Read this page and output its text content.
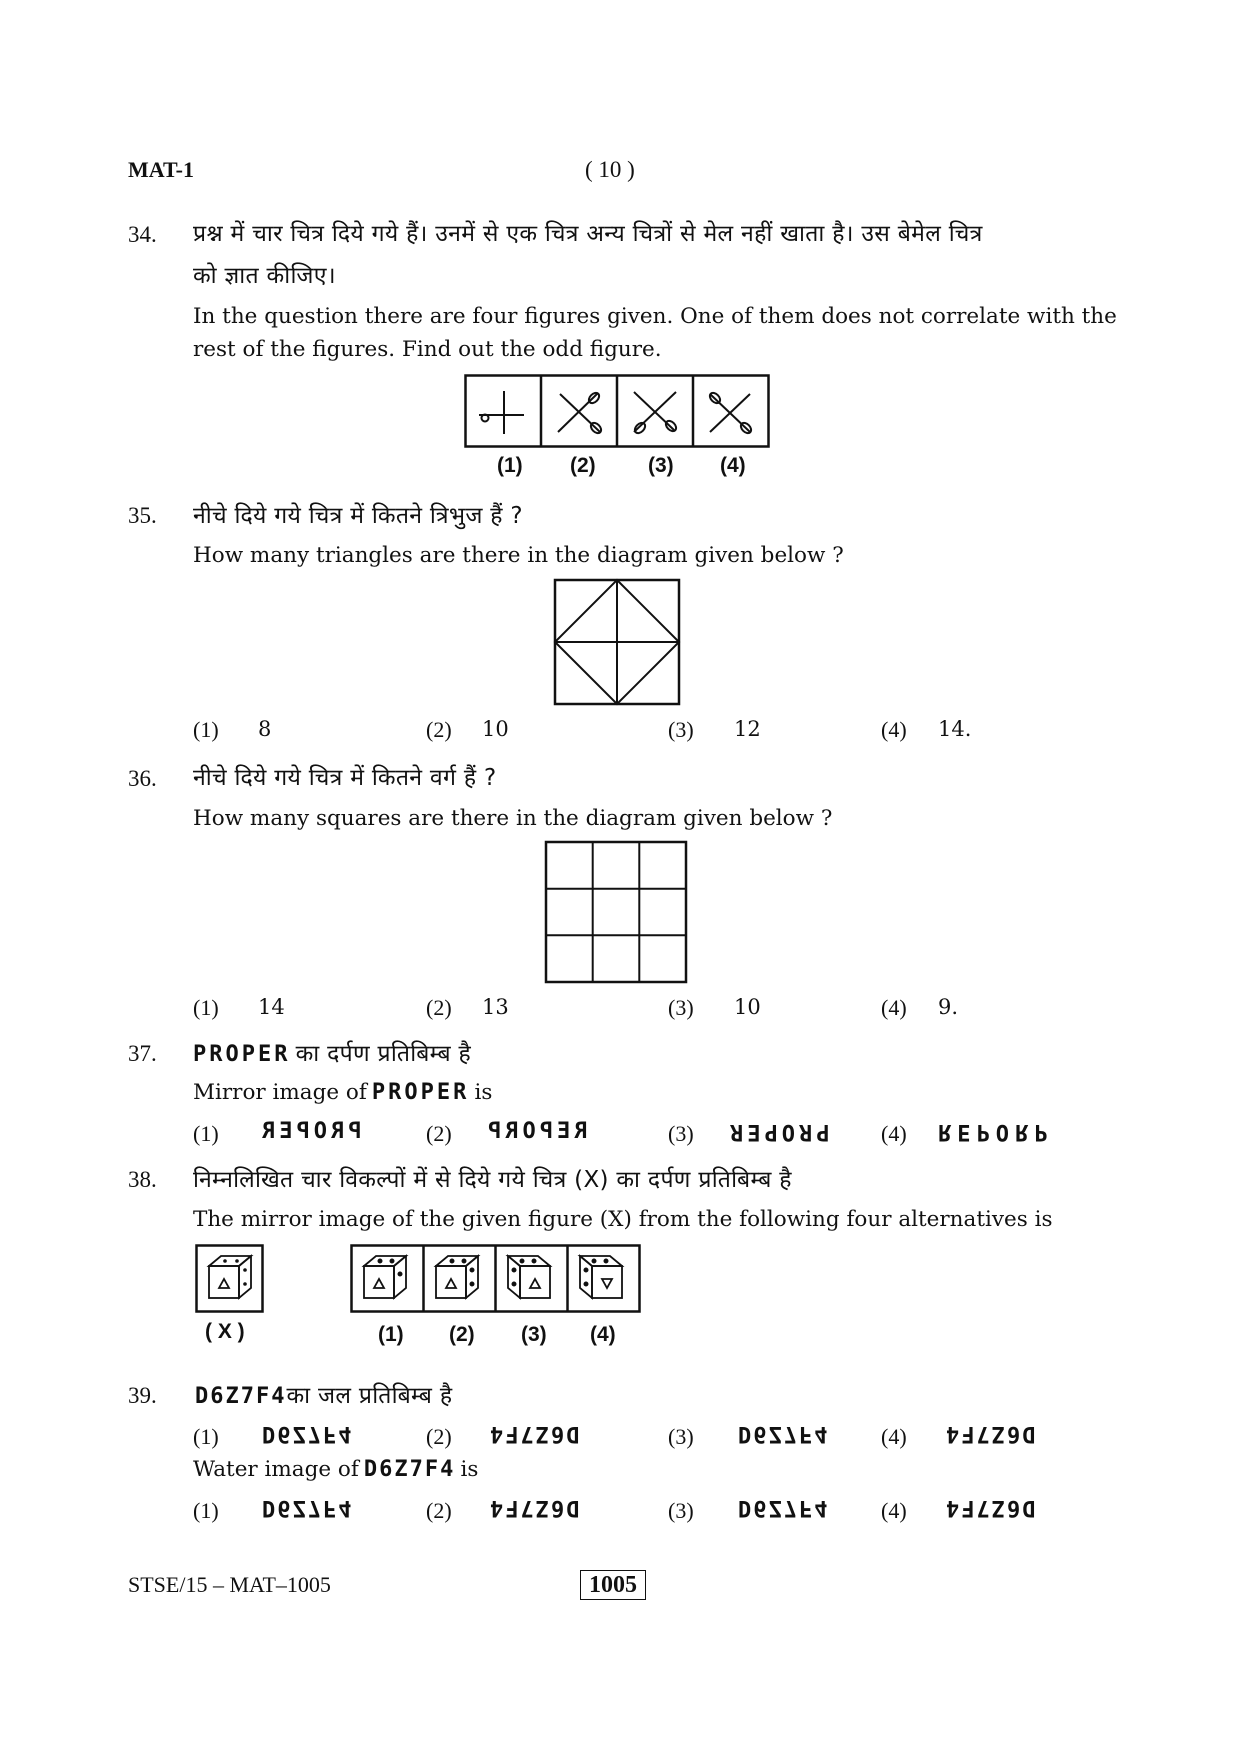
MAT-1	( 10 )
34. प्रश्न में चार चित्र दिये गये हैं। उनमें से एक चित्र अन्य चित्रों से मेल नहीं खाता है। उस बेमेल चित्र
को ज्ञात कीजिए।
In the question there are four figures given. One of them does not correlate with the rest of the figures. Find out the odd figure.
(1) (2) (3) (4)
35. नीचे दिये गये चित्र में कितने त्रिभुज हैं ?
How many triangles are there in the diagram given below ?
(1) 8	(2) 10	(3) 12	(4) 14.
36. नीचे दिये गये चित्र में कितने वर्ग हैं ?
How many squares are there in the diagram given below ?
(1) 14	(2) 13	(3) 10	(4) 9.
37. PROPER का दर्पण प्रतिबिम्ब है
Mirror image of PROPER is
(1) PROPER	(2) REPORP	(3) PROPER (4) REPORP
38. निम्नलिखित चार विकल्पों में से दिये गये चित्र (X) का दर्पण प्रतिबिम्ब है
The mirror image of the given figure (X) from the following four alternatives is
( X )	(1) (2) (3) (4)
39. D6Z7F4का जल प्रतिबिम्ब है
(1) D6Z7F4	(2) D6Z7F4	(3) D6Z7F4 (4) D6Z7F4
Water image of D6Z7F4 is
(1) D6Z7F4	(2) D6Z7F4	(3) D6Z7F4 (4) D6Z7F4
STSE/15 – MAT–1005	1005
